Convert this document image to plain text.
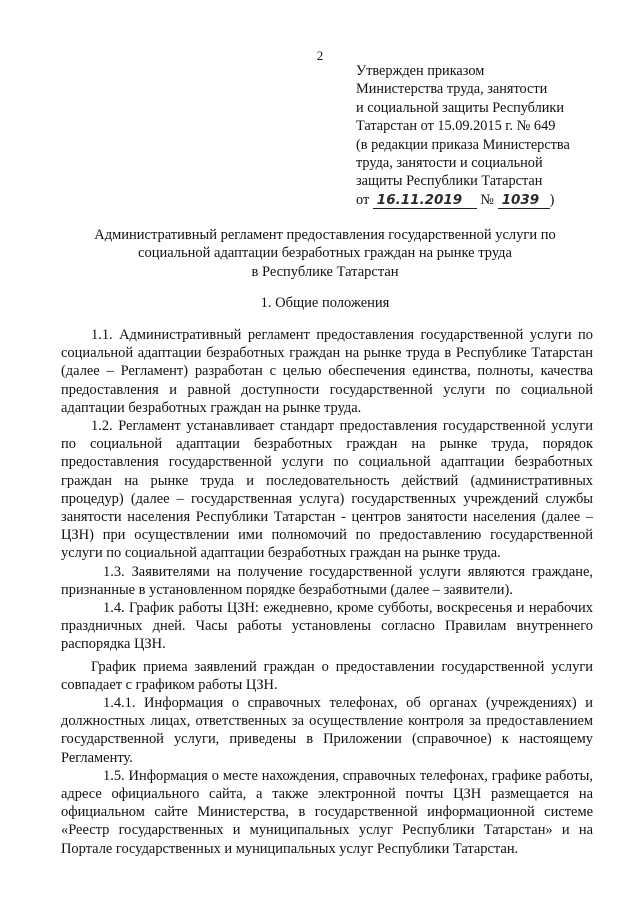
2
Утвержден приказом
Министерства труда, занятости
и социальной защиты Республики
Татарстан от 15.09.2015 г. № 649
(в редакции приказа Министерства
труда, занятости и социальной
защиты Республики Татарстан
от 16.11.2019 № 1039 )
Административный регламент предоставления государственной услуги по
социальной адаптации безработных граждан на рынке труда
в Республике Татарстан
1. Общие положения

1.1. Административный регламент предоставления государственной услуги по социальной адаптации безработных граждан на рынке труда в Республике Татарстан (далее – Регламент) разработан с целью обеспечения единства, полноты, качества предоставления и равной доступности государственной услуги по социальной адаптации безработных граждан на рынке труда.

1.2. Регламент устанавливает стандарт предоставления государственной услуги по социальной адаптации безработных граждан на рынке труда, порядок предоставления государственной услуги по социальной адаптации безработных граждан на рынке труда и последовательность действий (административных процедур) (далее – государственная услуга) государственных учреждений службы занятости населения Республики Татарстан - центров занятости населения (далее – ЦЗН) при осуществлении ими полномочий по предоставлению государственной услуги по социальной адаптации безработных граждан на рынке труда.

1.3. Заявителями на получение государственной услуги являются граждане, признанные в установленном порядке безработными (далее – заявители).

1.4. График работы ЦЗН: ежедневно, кроме субботы, воскресенья и нерабочих праздничных дней. Часы работы установлены согласно Правилам внутреннего распорядка ЦЗН.

График приема заявлений граждан о предоставлении государственной услуги совпадает с графиком работы ЦЗН.

1.4.1. Информация о справочных телефонах, об органах (учреждениях) и должностных лицах, ответственных за осуществление контроля за предоставлением государственной услуги, приведены в Приложении (справочное) к настоящему Регламенту.

1.5. Информация о месте нахождения, справочных телефонах, графике работы, адресе официального сайта, а также электронной почты ЦЗН размещается на официальном сайте Министерства, в государственной информационной системе «Реестр государственных и муниципальных услуг Республики Татарстан» и на Портале государственных и муниципальных услуг Республики Татарстан.
